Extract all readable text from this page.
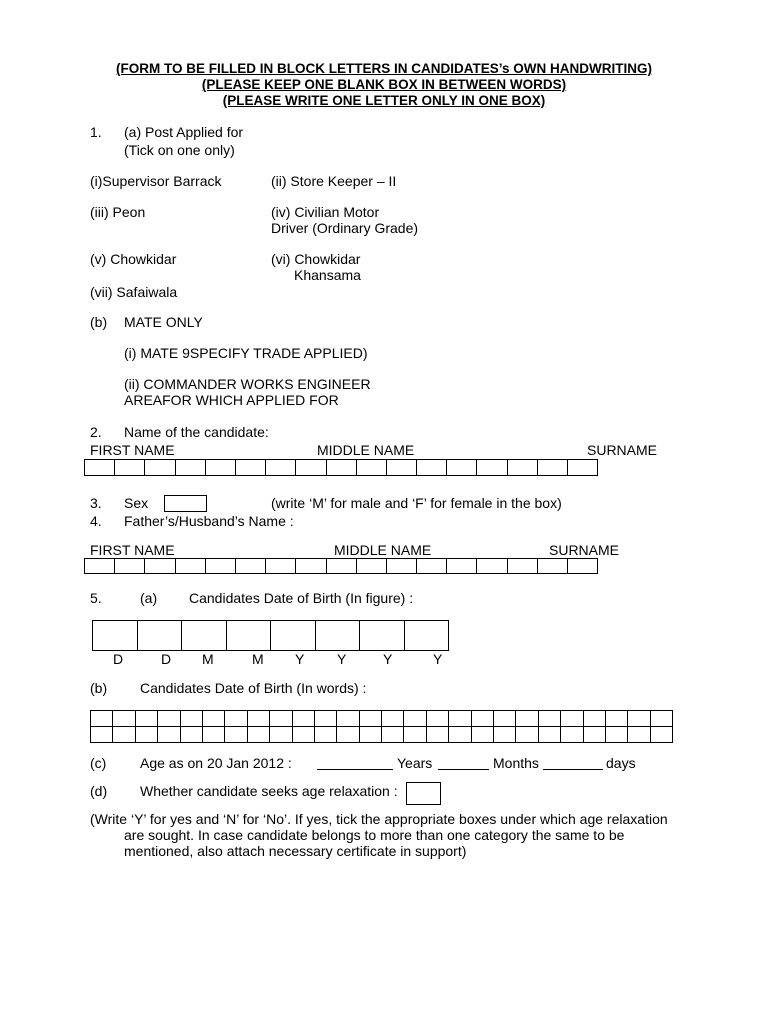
(FORM TO BE FILLED IN BLOCK LETTERS IN CANDIDATES’s OWN HANDWRITING)
(PLEASE KEEP ONE BLANK BOX IN BETWEEN WORDS)
(PLEASE WRITE ONE LETTER ONLY IN ONE BOX)
1. (a) Post Applied for
(Tick on one only)
(i)Supervisor Barrack	(ii) Store Keeper – II
(iii) Peon	(iv) Civilian Motor
Driver (Ordinary Grade)
(v) Chowkidar	(vi) Chowkidar
Khansama
(vii) Safaiwala
(b) MATE ONLY
(i) MATE 9SPECIFY TRADE APPLIED)
(ii) COMMANDER WORKS ENGINEER
AREAFOR WHICH APPLIED FOR
2. Name of the candidate:
FIRST NAME	MIDDLE NAME	SURNAME
3. Sex	(write ‘M’ for male and ‘F’ for female in the box)
4. Father’s/Husband’s Name :
FIRST NAME	MIDDLE NAME	SURNAME
5.	(a) Candidates Date of Birth (In figure) :
D	D M	M Y Y	Y	Y
(b) Candidates Date of Birth (In words) :
(c) Age as on 20 Jan 2012 :	Years	Months	days
(d) Whether candidate seeks age relaxation :
(Write ‘Y’ for yes and ‘N’ for ‘No’. If yes, tick the appropriate boxes under which age relaxation
are sought. In case candidate belongs to more than one category the same to be
mentioned, also attach necessary certificate in support)
